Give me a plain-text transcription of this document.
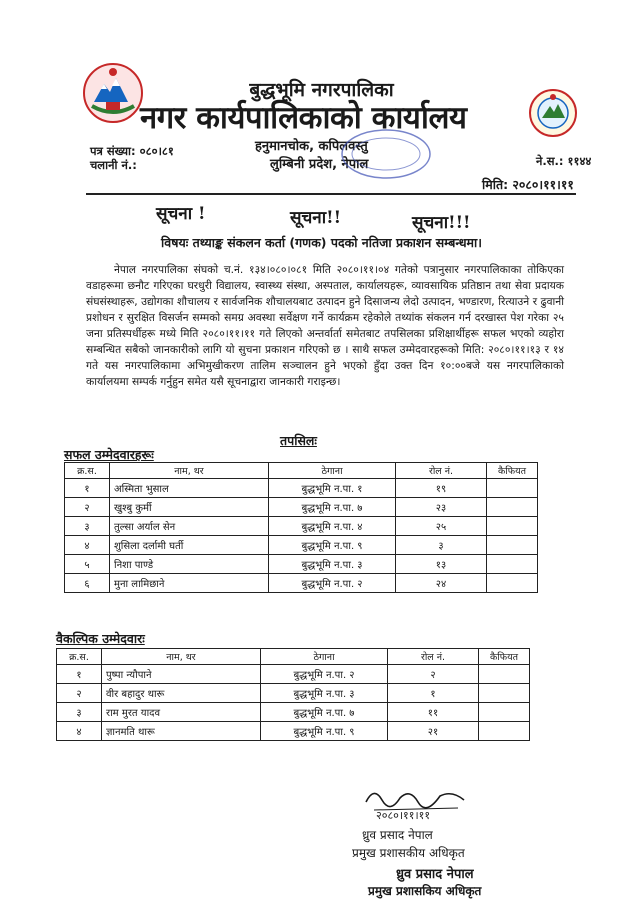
बुद्धभूमि नगरपालिका
नगर कार्यपालिकाको कार्यालय
हनुमानचोक, कपिलवस्तु
लुम्बिनी प्रदेश, नेपाल
पत्र संख्या: ०८०।८१
चलानी नं.:	ने.स.: ११४४
मिति: २०८०।११।११
सूचना !	सूचना!!	सूचना!!!
विषयः तथ्याङ्क संकलन कर्ता (गणक) पदको नतिजा प्रकाशन सम्बन्धमा।
नेपाल नगरपालिका संघको च.नं. १३४।०८०।०८१ मिति २०८०।११।०४ गतेको पत्रानुसार नगरपालिकाका तोकिएका वडाहरूमा छनौट गरिएका घरधुरी विद्यालय, स्वास्थ्य संस्था, अस्पताल, कार्यालयहरू, व्यावसायिक प्रतिष्ठान तथा सेवा प्रदायक संघसंस्थाहरू, उद्योगका शौचालय र सार्वजनिक शौचालयबाट उत्पादन हुने दिसाजन्य लेदो उत्पादन, भण्डारण, रित्याउने र ढुवानी प्रशोधन र सुरक्षित विसर्जन सम्मको समग्र अवस्था सर्वेक्षण गर्ने कार्यक्रम रहेकोले तथ्यांक संकलन गर्न दरखास्त पेश गरेका २५ जना प्रतिस्पर्धीहरू मध्ये मिति २०८०।११।११ गते लिएको अन्तर्वार्ता समेतबाट तपसिलका प्रशिक्षार्थीहरू सफल भएको व्यहोरा सम्बन्धित सबैको जानकारीको लागि यो सुचना प्रकाशन गरिएको छ । साथै सफल उम्मेदवारहरूको मिति: २०८०।११।१३ र १४ गते यस नगरपालिकामा अभिमुखीकरण तालिम सञ्चालन हुने भएको हुँदा उक्त दिन १०:००बजे यस नगरपालिकाको कार्यालयमा सम्पर्क गर्नुहुन समेत यसै सूचनाद्वारा जानकारी गराइन्छ।
तपसिलः
सफल उम्मेदवारहरूः
क्र.स.	नाम, थर	ठेगाना	रोल नं.	कैफियत
१	अस्मिता भुसाल	बुद्धभूमि न.पा. १	१९	
२	खुश्बु कुर्मी	बुद्धभूमि न.पा. ७	२३	
३	तुल्सा अर्याल सेन	बुद्धभूमि न.पा. ४	२५	
४	शुसिला दर्लामी घर्ती	बुद्धभूमि न.पा. ९	३	
५	निशा पाण्डे	बुद्धभूमि न.पा. ३	१३	
६	मुना लामिछाने	बुद्धभूमि न.पा. २	२४	
वैकल्पिक उम्मेदवारः
क्र.स.	नाम, थर	ठेगाना	रोल नं.	कैफियत
१	पुष्पा न्यौपाने	बुद्धभूमि न.पा. २	२	
२	वीर बहादुर थारू	बुद्धभूमि न.पा. ३	१	
३	राम मुरत यादव	बुद्धभूमि न.पा. ७	११	
४	ज्ञानमति थारू	बुद्धभूमि न.पा. ९	२१	
२०८०।११।११
ध्रुव प्रसाद नेपाल
प्रमुख प्रशासकीय अधिकृत
ध्रुव प्रसाद नेपाल
प्रमुख प्रशासकिय अधिकृत
